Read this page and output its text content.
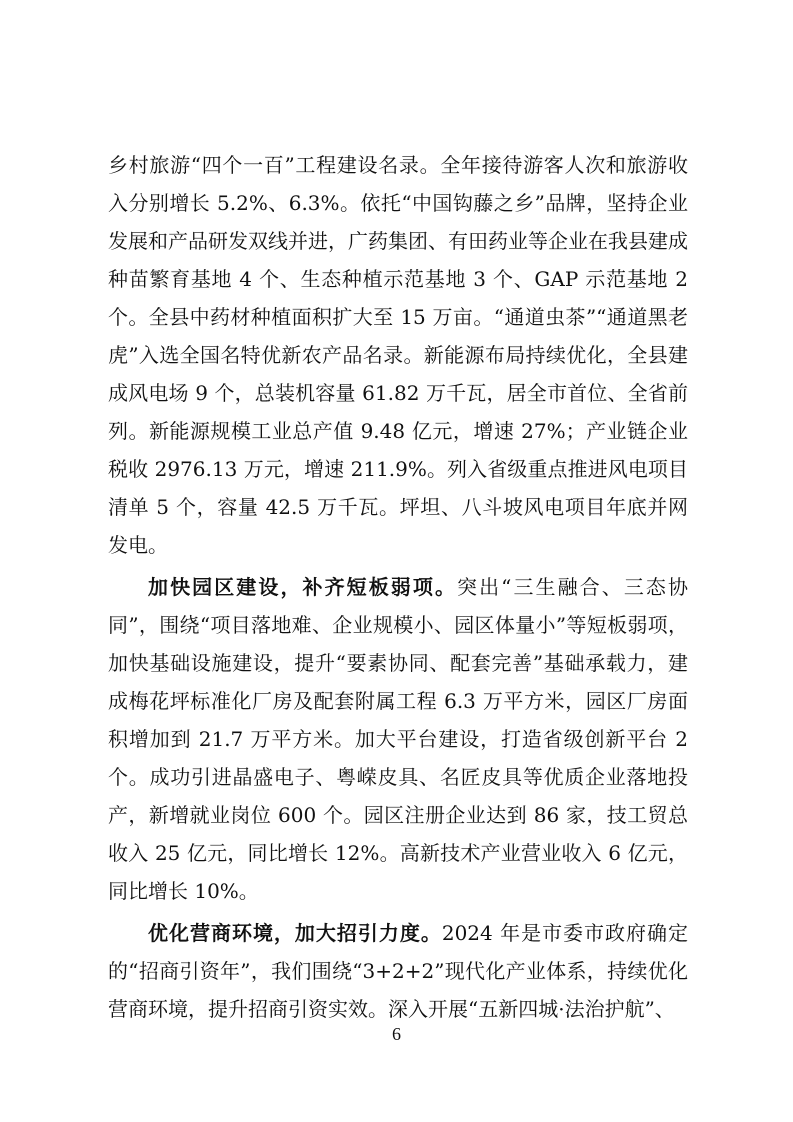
乡村旅游“四个一百”工程建设名录。全年接待游客人次和旅游收入分别增长 5.2%、6.3%。依托“中国钩藤之乡”品牌，坚持企业发展和产品研发双线并进，广药集团、有田药业等企业在我县建成种苗繁育基地 4 个、生态种植示范基地 3 个、GAP 示范基地 2 个。全县中药材种植面积扩大至 15 万亩。“通道虫茶”“通道黑老虎”入选全国名特优新农产品名录。新能源布局持续优化，全县建成风电场 9 个，总装机容量 61.82 万千瓦，居全市首位、全省前列。新能源规模工业总产值 9.48 亿元，增速 27%；产业链企业税收 2976.13 万元，增速 211.9%。列入省级重点推进风电项目清单 5 个，容量 42.5 万千瓦。坪坦、八斗坡风电项目年底并网发电。

加快园区建设，补齐短板弱项。突出“三生融合、三态协同”，围绕“项目落地难、企业规模小、园区体量小”等短板弱项，加快基础设施建设，提升“要素协同、配套完善”基础承载力，建成梅花坪标准化厂房及配套附属工程 6.3 万平方米，园区厂房面积增加到 21.7 万平方米。加大平台建设，打造省级创新平台 2 个。成功引进晶盛电子、粤嵘皮具、名匠皮具等优质企业落地投产，新增就业岗位 600 个。园区注册企业达到 86 家，技工贸总收入 25 亿元，同比增长 12%。高新技术产业营业收入 6 亿元，同比增长 10%。

优化营商环境，加大招引力度。2024 年是市委市政府确定的“招商引资年”，我们围绕“3+2+2”现代化产业体系，持续优化营商环境，提升招商引资实效。深入开展“五新四城·法治护航”、

6
